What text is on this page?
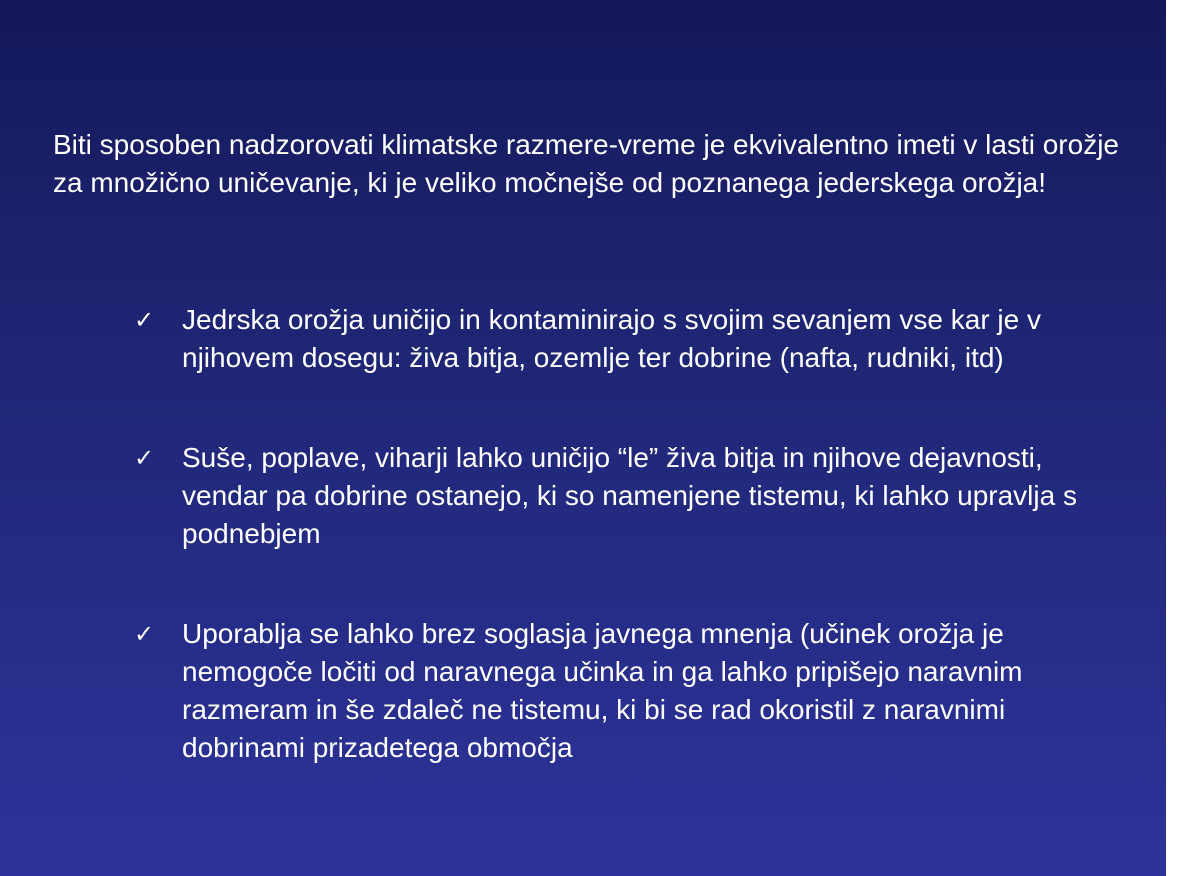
Biti sposoben nadzorovati klimatske razmere-vreme je ekvivalentno imeti v lasti orožje za množično uničevanje, ki je veliko močnejše od poznanega jederskega orožja!

✓ Jedrska orožja uničijo in kontaminirajo s svojim sevanjem vse kar je v njihovem dosegu: živa bitja, ozemlje ter dobrine (nafta, rudniki, itd)
✓ Suše, poplave, viharji lahko uničijo “le” živa bitja in njihove dejavnosti, vendar pa dobrine ostanejo, ki so namenjene tistemu, ki lahko upravlja s podnebjem
✓ Uporablja se lahko brez soglasja javnega mnenja (učinek orožja je nemogoče ločiti od naravnega učinka in ga lahko pripišejo naravnim razmeram in še zdaleč ne tistemu, ki bi se rad okoristil z naravnimi dobrinami prizadetega območja
